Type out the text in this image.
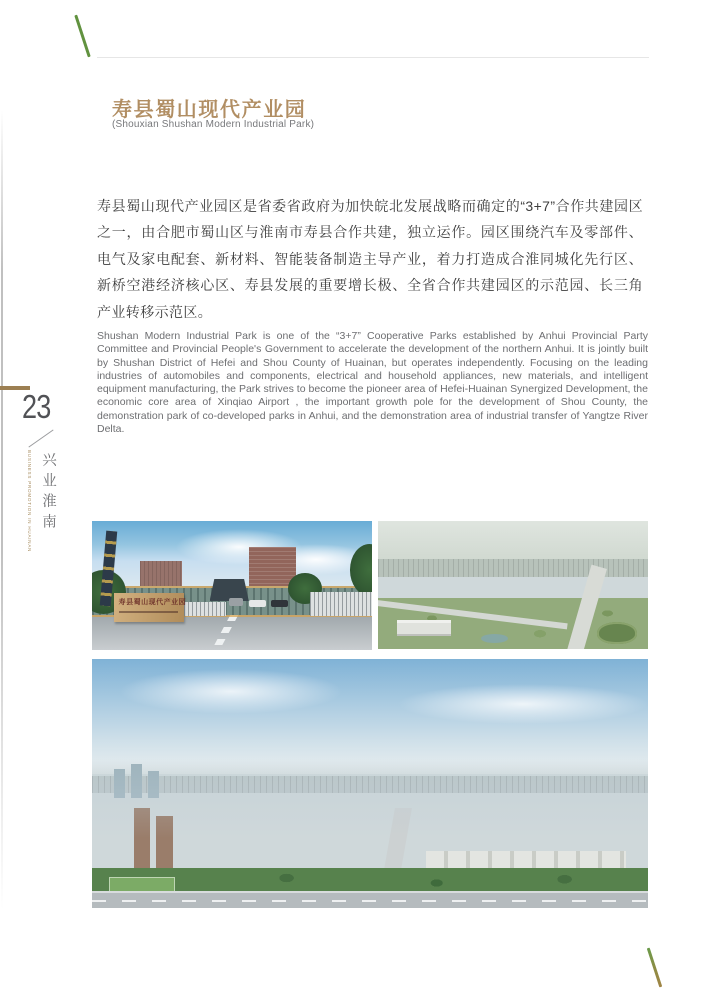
寿县蜀山现代产业园
(Shouxian Shushan Modern Industrial Park)

寿县蜀山现代产业园区是省委省政府为加快皖北发展战略而确定的“3+7”合作共建园区之一，由合肥市蜀山区与淮南市寿县合作共建，独立运作。园区围绕汽车及零部件、电气及家电配套、新材料、智能装备制造主导产业，着力打造成合淮同城化先行区、新桥空港经济核心区、寿县发展的重要增长极、全省合作共建园区的示范园、长三角产业转移示范区。

Shushan Modern Industrial Park is one of the “3+7” Cooperative Parks established by Anhui Provincial Party Committee and Provincial People's Government to accelerate the development of the northern Anhui. It is jointly built by Shushan District of Hefei and Shou County of Huainan, but operates independently. Focusing on the leading industries of automobiles and components, electrical and household appliances, new materials, and intelligent equipment manufacturing, the Park strives to become the pioneer area of Hefei-Huainan Synergized Development, the economic core area of Xinqiao Airport , the important growth pole for the development of Shou County, the demonstration park of co-developed parks in Anhui, and the demonstration area of industrial transfer of Yangtze River Delta.

23
BUSINESS PROMOTION IN HUAINAN 兴业淮南
寿县蜀山现代产业园
